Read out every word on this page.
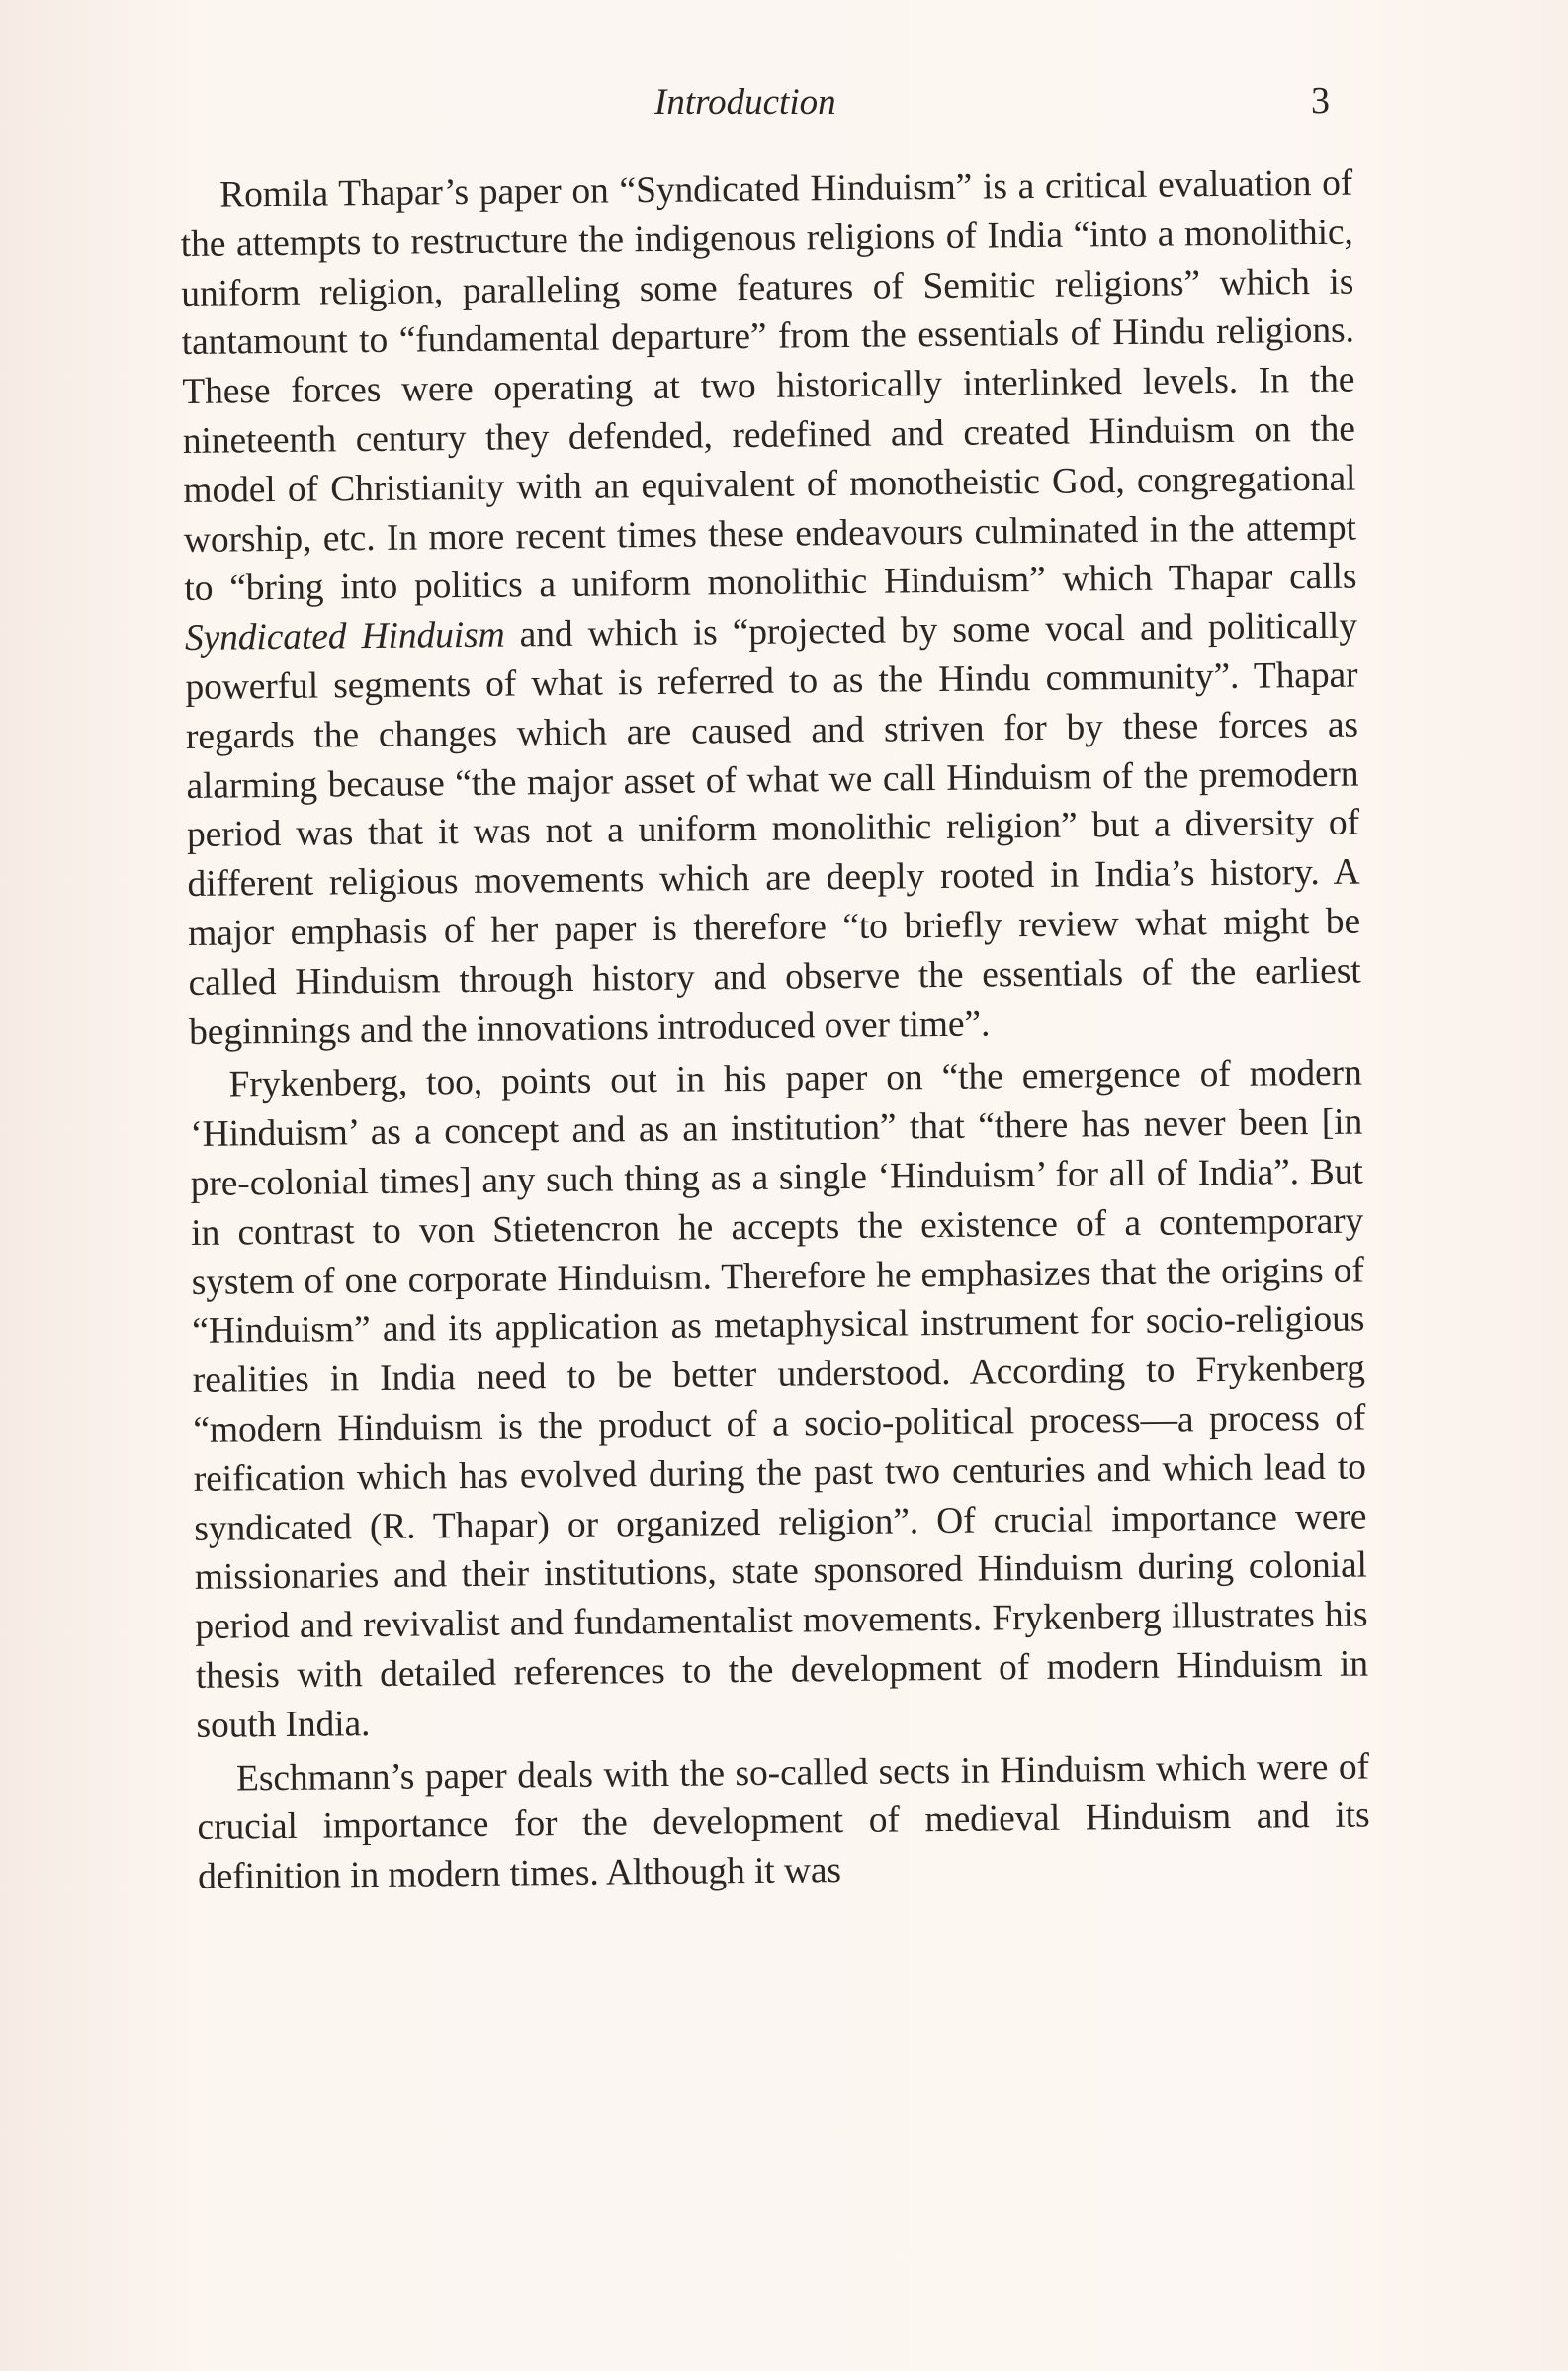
Introduction	3

Romila Thapar’s paper on “Syndicated Hinduism” is a critical evaluation of the attempts to restructure the indigenous religions of India “into a monolithic, uniform religion, paralleling some features of Semitic religions” which is tantamount to “fundamental departure” from the essentials of Hindu religions. These forces were operating at two historically interlinked levels. In the nineteenth century they defended, redefined and created Hinduism on the model of Christianity with an equivalent of monotheistic God, congregational worship, etc. In more recent times these endeavours culminated in the attempt to “bring into politics a uniform monolithic Hinduism” which Thapar calls Syndicated Hinduism and which is “projected by some vocal and politically powerful segments of what is referred to as the Hindu community”. Thapar regards the changes which are caused and striven for by these forces as alarming because “the major asset of what we call Hinduism of the premodern period was that it was not a uniform monolithic religion” but a diversity of different religious movements which are deeply rooted in India’s history. A major emphasis of her paper is therefore “to briefly review what might be called Hinduism through history and observe the essentials of the earliest beginnings and the innovations introduced over time”.

Frykenberg, too, points out in his paper on “the emergence of modern ‘Hinduism’ as a concept and as an institution” that “there has never been [in pre-colonial times] any such thing as a single ‘Hinduism’ for all of India”. But in contrast to von Stietencron he accepts the existence of a contemporary system of one corporate Hinduism. Therefore he emphasizes that the origins of “Hinduism” and its application as metaphysical instrument for socio-religious realities in India need to be better understood. According to Frykenberg “modern Hinduism is the product of a socio-political process—a process of reification which has evolved during the past two centuries and which lead to syndicated (R. Thapar) or organized religion”. Of crucial importance were missionaries and their institutions, state sponsored Hinduism during colonial period and revivalist and fundamentalist movements. Frykenberg illustrates his thesis with detailed references to the development of modern Hinduism in south India.

Eschmann’s paper deals with the so-called sects in Hinduism which were of crucial importance for the development of medieval Hinduism and its definition in modern times. Although it was
